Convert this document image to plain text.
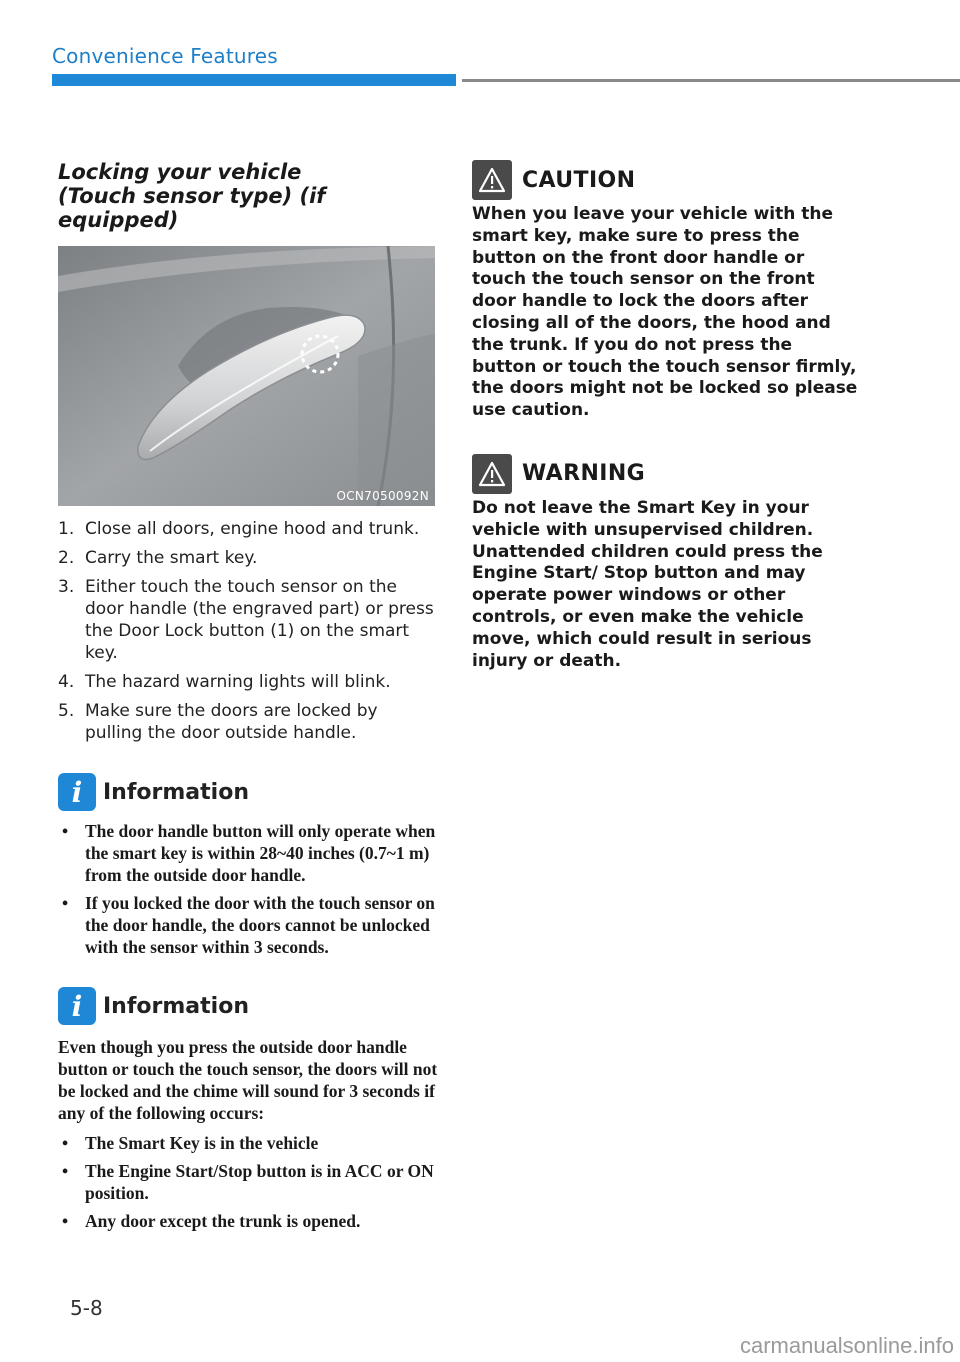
Convenience Features
Locking your vehicle
(Touch sensor type) (if equipped)
OCN7050092N
1. Close all doors, engine hood and trunk.
2. Carry the smart key.
3. Either touch the touch sensor on the door handle (the engraved part) or press the Door Lock button (1) on the smart key.
4. The hazard warning lights will blink.
5. Make sure the doors are locked by pulling the door outside handle.
i Information
• The door handle button will only operate when the smart key is within 28~40 inches (0.7~1 m) from the outside door handle.
• If you locked the door with the touch sensor on the door handle, the doors cannot be unlocked with the sensor within 3 seconds.
i Information

Even though you press the outside door handle button or touch the touch sensor, the doors will not be locked and the chime will sound for 3 seconds if any of the following occurs:

• The Smart Key is in the vehicle
• The Engine Start/Stop button is in ACC or ON position.
• Any door except the trunk is opened.
CAUTION

When you leave your vehicle with the smart key, make sure to press the button on the front door handle or touch the touch sensor on the front door handle to lock the doors after closing all of the doors, the hood and the trunk. If you do not press the button or touch the touch sensor firmly, the doors might not be locked so please use caution.

WARNING

Do not leave the Smart Key in your vehicle with unsupervised children. Unattended children could press the Engine Start/ Stop button and may operate power windows or other controls, or even make the vehicle move, which could result in serious injury or death.

5-8
carmanualsonline.info
